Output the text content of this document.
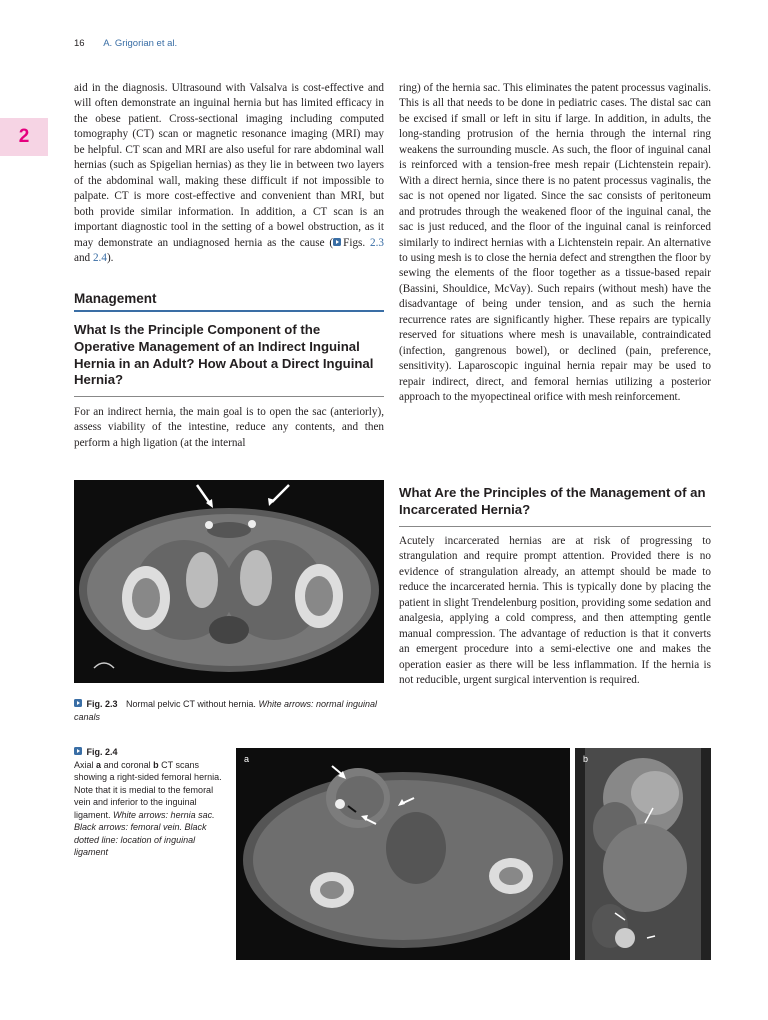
16 A. Grigorian et al.
2

aid in the diagnosis. Ultrasound with Valsalva is cost-effective and will often demonstrate an inguinal hernia but has limited efficacy in the obese patient. Cross-sectional imaging including computed tomography (CT) scan or magnetic resonance imaging (MRI) may be helpful. CT scan and MRI are also useful for rare abdominal wall hernias (such as Spigelian hernias) as they lie in between two layers of the abdominal wall, making these difficult if not impossible to palpate. CT is more cost-effective and convenient than MRI, but both provide similar information. In addition, a CT scan is an important diagnostic tool in the setting of a bowel obstruction, as it may demonstrate an undiagnosed hernia as the cause ( Figs. 2.3 and 2.4).

Management
What Is the Principle Component of the Operative Management of an Indirect Inguinal Hernia in an Adult? How About a Direct Inguinal Hernia?
For an indirect hernia, the main goal is to open the sac (anteriorly), assess viability of the intestine, reduce any contents, and then perform a high ligation (at the internal
ring) of the hernia sac. This eliminates the patent processus vaginalis. This is all that needs to be done in pediatric cases. The distal sac can be excised if small or left in situ if large. In addition, in adults, the long-standing protrusion of the hernia through the internal ring weakens the surrounding muscle. As such, the floor of inguinal canal is reinforced with a tension-free mesh repair (Lichtenstein repair). With a direct hernia, since there is no patent processus vaginalis, the sac is not opened nor ligated. Since the sac consists of peritoneum and protrudes through the weakened floor of the inguinal canal, the sac is just reduced, and the floor of the inguinal canal is reinforced similarly to indirect hernias with a Lichtenstein repair. An alternative to using mesh is to close the hernia defect and strengthen the floor by sewing the elements of the floor together as a tissue-based repair (Bassini, Shouldice, McVay). Such repairs (without mesh) have the disadvantage of being under tension, and as such the hernia recurrence rates are significantly higher. These repairs are typically reserved for situations where mesh is unavailable, contraindicated (infection, gangrenous bowel), or declined (pain, preference, sensitivity). Laparoscopic inguinal hernia repair may be used to repair indirect, direct, and femoral hernias utilizing a posterior approach to the myopectineal orifice with mesh reinforcement.
What Are the Principles of the Management of an Incarcerated Hernia?
Acutely incarcerated hernias are at risk of progressing to strangulation and require prompt attention. Provided there is no evidence of strangulation already, an attempt should be made to reduce the incarcerated hernia. This is typically done by placing the patient in slight Trendelenburg position, providing some sedation and analgesia, applying a cold compress, and then attempting gentle manual compression. The advantage of reduction is that it converts an emergent procedure into a semi-elective one and makes the operation easier as there will be less inflammation. If the hernia is not reducible, urgent surgical intervention is required.
Fig. 2.3 Normal pelvic CT without hernia. White arrows: normal inguinal canals
Fig. 2.4
Axial a and coronal b CT scans showing a right-sided femoral hernia. Note that it is medial to the femoral vein and inferior to the inguinal ligament. White arrows: hernia sac. Black arrows: femoral vein. Black dotted line: location of inguinal ligament
a	b
